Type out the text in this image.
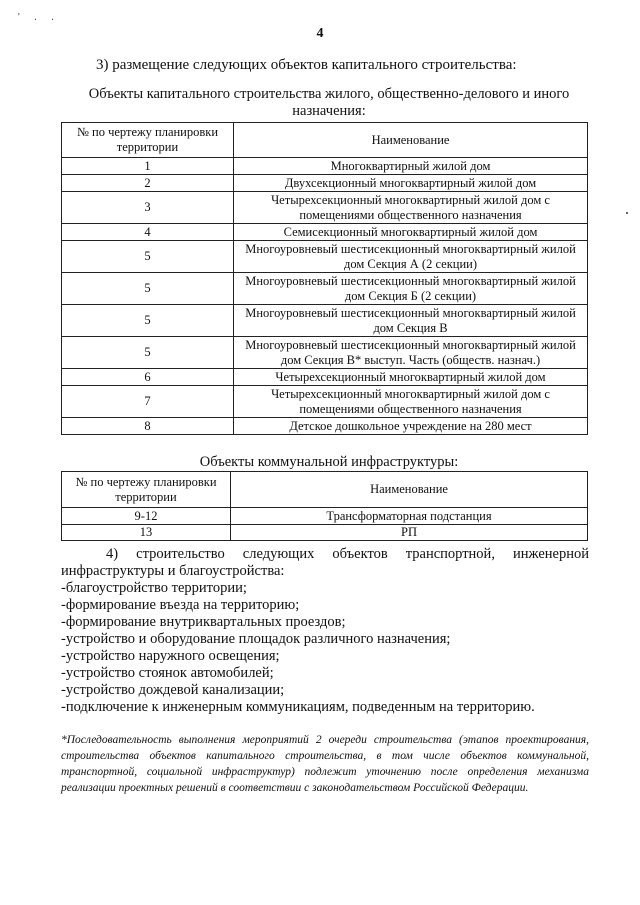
' . .
4
3) размещение следующих объектов капитального строительства:
Объекты капитального строительства жилого, общественно-делового и иного назначения:
№ по чертежу планировки территории	Наименование
1	Многоквартирный жилой дом
2	Двухсекционный многоквартирный жилой дом
3	Четырехсекционный многоквартирный жилой дом с помещениями общественного назначения
4	Семисекционный многоквартирный жилой дом
5	Многоуровневый шестисекционный многоквартирный жилой дом Секция А (2 секции)
5	Многоуровневый шестисекционный многоквартирный жилой дом Секция Б (2 секции)
5	Многоуровневый шестисекционный многоквартирный жилой дом Секция В
5	Многоуровневый шестисекционный многоквартирный жилой дом Секция В* выступ. Часть (обществ. назнач.)
6	Четырехсекционный многоквартирный жилой дом
7	Четырехсекционный многоквартирный жилой дом с помещениями общественного назначения
8	Детское дошкольное учреждение на 280 мест
Объекты коммунальной инфраструктуры:
№ по чертежу планировки территории	Наименование
9-12	Трансформаторная подстанция
13	РП
4) строительство следующих объектов транспортной, инженерной
инфраструктуры и благоустройства:
-благоустройство территории;
-формирование въезда на территорию;
-формирование внутриквартальных проездов;
-устройство и оборудование площадок различного назначения;
-устройство наружного освещения;
-устройство стоянок автомобилей;
-устройство дождевой канализации;
-подключение к инженерным коммуникациям, подведенным на территорию.
*Последовательность выполнения мероприятий 2 очереди строительства (этапов проектирования, строительства объектов капитального строительства, в том числе объектов коммунальной, транспортной, социальной инфраструктур) подлежит уточнению после определения механизма реализации проектных решений в соответствии с законодательством Российской Федерации.
